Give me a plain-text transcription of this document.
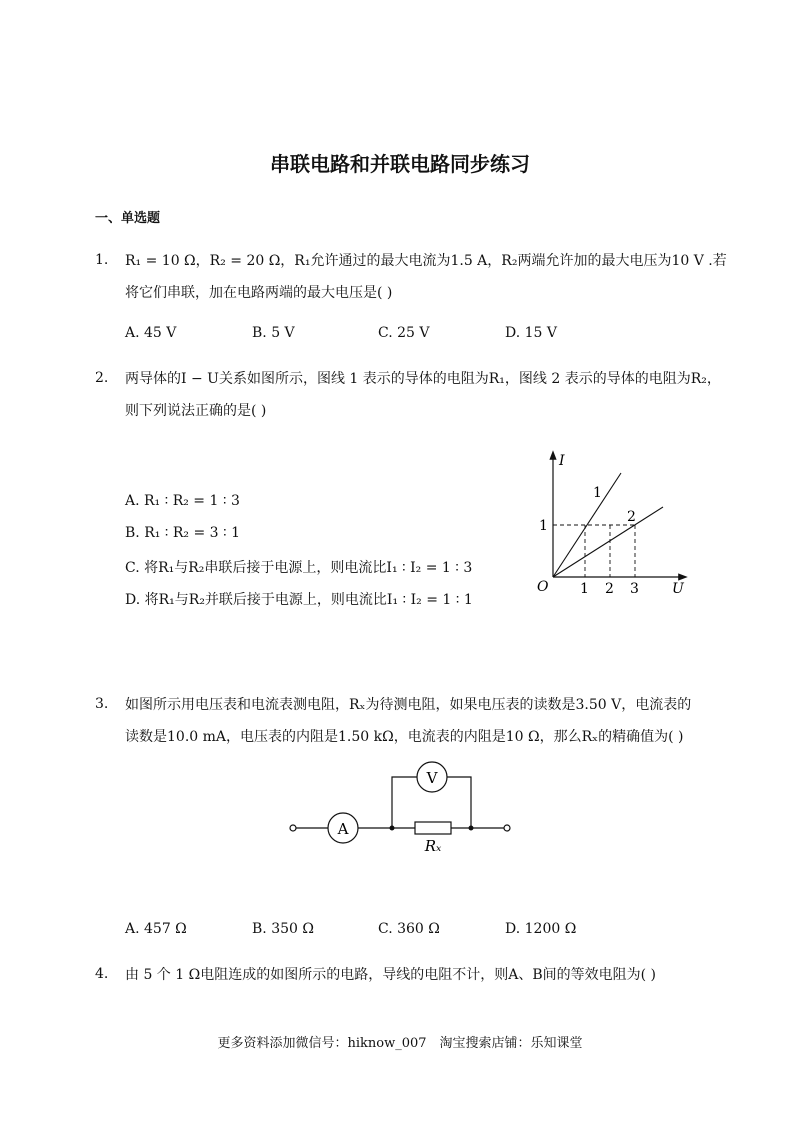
串联电路和并联电路同步练习
一、单选题
1. R₁ = 10 Ω，R₂ = 20 Ω，R₁允许通过的最大电流为1.5 A，R₂两端允许加的最大电压为10 V .若
将它们串联，加在电路两端的最大电压是( )
A. 45 V	B. 5 V	C. 25 V	D. 15 V
2. 两导体的I − U关系如图所示，图线 1 表示的导体的电阻为R₁，图线 2 表示的导体的电阻为R₂，
则下列说法正确的是( )
A. R₁ ∶ R₂ = 1 ∶ 3
B. R₁ ∶ R₂ = 3 ∶ 1
C. 将R₁与R₂串联后接于电源上，则电流比I₁ ∶ I₂ = 1 ∶ 3
D. 将R₁与R₂并联后接于电源上，则电流比I₁ ∶ I₂ = 1 ∶ 1
I
U
O
1
1 2 3
1
2
3. 如图所示用电压表和电流表测电阻，Rₓ为待测电阻，如果电压表的读数是3.50 V，电流表的
读数是10.0 mA，电压表的内阻是1.50 kΩ，电流表的内阻是10 Ω，那么Rₓ的精确值为( )
A
V
Rₓ
A. 457 Ω	B. 350 Ω	C. 360 Ω	D. 1200 Ω
4. 由 5 个 1 Ω电阻连成的如图所示的电路，导线的电阻不计，则A、B间的等效电阻为( )
更多资料添加微信号：hiknow_007　淘宝搜索店铺：乐知课堂
